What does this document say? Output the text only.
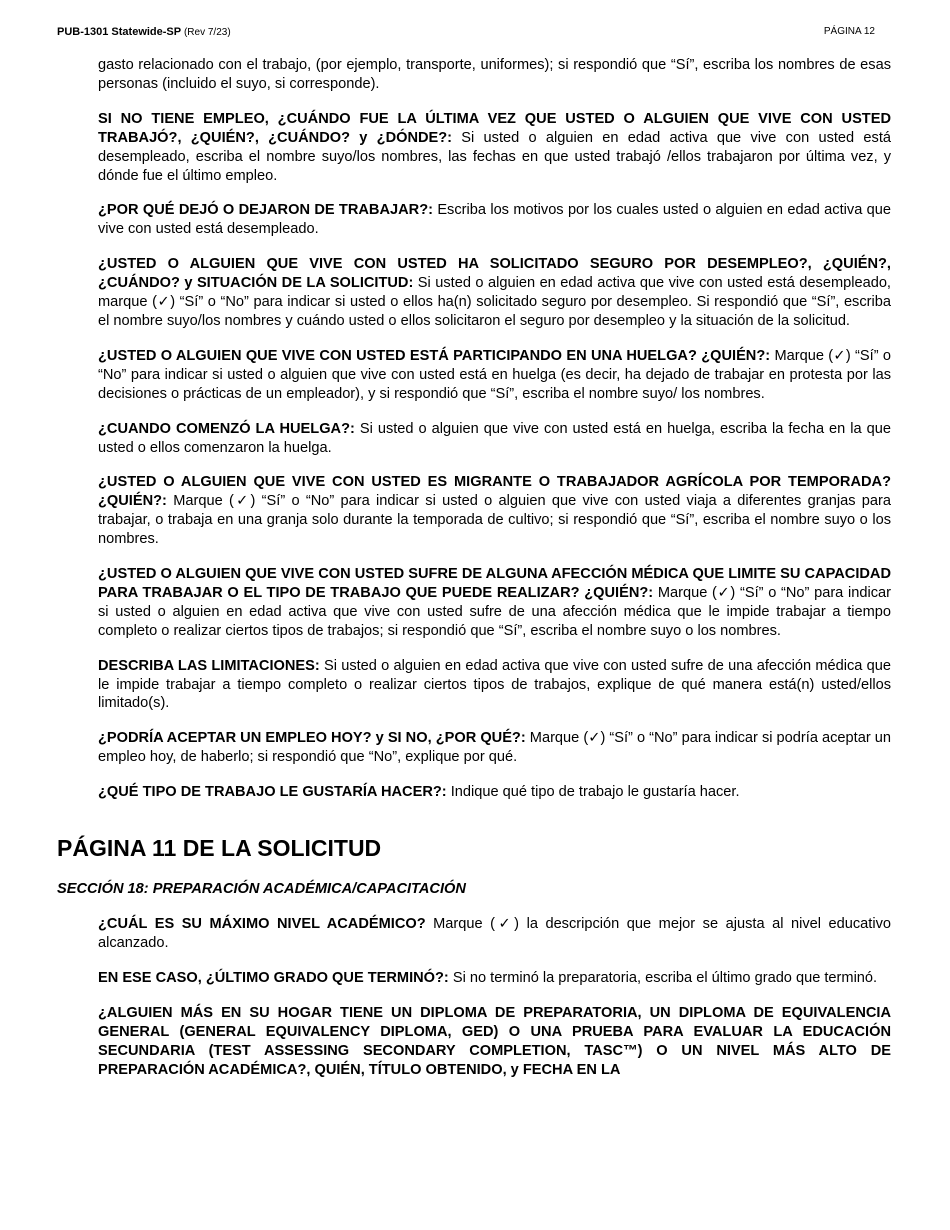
PUB-1301 Statewide-SP (Rev 7/23)	PÁGINA 12

gasto relacionado con el trabajo, (por ejemplo, transporte, uniformes); si respondió que “Sí”, escriba los nombres de esas personas (incluido el suyo, si corresponde).

SI NO TIENE EMPLEO, ¿CUÁNDO FUE LA ÚLTIMA VEZ QUE USTED O ALGUIEN QUE VIVE CON USTED TRABAJÓ?, ¿QUIÉN?, ¿CUÁNDO? y ¿DÓNDE?: Si usted o alguien en edad activa que vive con usted está desempleado, escriba el nombre suyo/los nombres, las fechas en que usted trabajó /ellos trabajaron por última vez, y dónde fue el último empleo.

¿POR QUÉ DEJÓ O DEJARON DE TRABAJAR?: Escriba los motivos por los cuales usted o alguien en edad activa que vive con usted está desempleado.

¿USTED O ALGUIEN QUE VIVE CON USTED HA SOLICITADO SEGURO POR DESEMPLEO?, ¿QUIÉN?, ¿CUÁNDO? y SITUACIÓN DE LA SOLICITUD: Si usted o alguien en edad activa que vive con usted está desempleado, marque (✓) “Sí” o “No” para indicar si usted o ellos ha(n) solicitado seguro por desempleo. Si respondió que “Sí”, escriba el nombre suyo/los nombres y cuándo usted o ellos solicitaron el seguro por desempleo y la situación de la solicitud.

¿USTED O ALGUIEN QUE VIVE CON USTED ESTÁ PARTICIPANDO EN UNA HUELGA? ¿QUIÉN?: Marque (✓) “Sí” o “No” para indicar si usted o alguien que vive con usted está en huelga (es decir, ha dejado de trabajar en protesta por las decisiones o prácticas de un empleador), y si respondió que “Sí”, escriba el nombre suyo/ los nombres.

¿CUANDO COMENZÓ LA HUELGA?: Si usted o alguien que vive con usted está en huelga, escriba la fecha en la que usted o ellos comenzaron la huelga.

¿USTED O ALGUIEN QUE VIVE CON USTED ES MIGRANTE O TRABAJADOR AGRÍCOLA POR TEMPORADA? ¿QUIÉN?: Marque (✓) “Sí” o “No” para indicar si usted o alguien que vive con usted viaja a diferentes granjas para trabajar, o trabaja en una granja solo durante la temporada de cultivo; si respondió que “Sí”, escriba el nombre suyo o los nombres.

¿USTED O ALGUIEN QUE VIVE CON USTED SUFRE DE ALGUNA AFECCIÓN MÉDICA QUE LIMITE SU CAPACIDAD PARA TRABAJAR O EL TIPO DE TRABAJO QUE PUEDE REALIZAR? ¿QUIÉN?: Marque (✓) “Sí” o “No” para indicar si usted o alguien en edad activa que vive con usted sufre de una afección médica que le impide trabajar a tiempo completo o realizar ciertos tipos de trabajos; si respondió que “Sí”, escriba el nombre suyo o los nombres.

DESCRIBA LAS LIMITACIONES: Si usted o alguien en edad activa que vive con usted sufre de una afección médica que le impide trabajar a tiempo completo o realizar ciertos tipos de trabajos, explique de qué manera está(n) usted/ellos limitado(s).

¿PODRÍA ACEPTAR UN EMPLEO HOY? y SI NO, ¿POR QUÉ?: Marque (✓) “Sí” o “No” para indicar si podría aceptar un empleo hoy, de haberlo; si respondió que “No”, explique por qué.

¿QUÉ TIPO DE TRABAJO LE GUSTARÍA HACER?: Indique qué tipo de trabajo le gustaría hacer.

PÁGINA 11 DE LA SOLICITUD
SECCIÓN 18: PREPARACIÓN ACADÉMICA/CAPACITACIÓN

¿CUÁL ES SU MÁXIMO NIVEL ACADÉMICO? Marque (✓) la descripción que mejor se ajusta al nivel educativo alcanzado.

EN ESE CASO, ¿ÚLTIMO GRADO QUE TERMINÓ?: Si no terminó la preparatoria, escriba el último grado que terminó.

¿ALGUIEN MÁS EN SU HOGAR TIENE UN DIPLOMA DE PREPARATORIA, UN DIPLOMA DE EQUIVALENCIA GENERAL (GENERAL EQUIVALENCY DIPLOMA, GED) O UNA PRUEBA PARA EVALUAR LA EDUCACIÓN SECUNDARIA (TEST ASSESSING SECONDARY COMPLETION, TASC™) O UN NIVEL MÁS ALTO DE PREPARACIÓN ACADÉMICA?, QUIÉN, TÍTULO OBTENIDO, y FECHA EN LA
